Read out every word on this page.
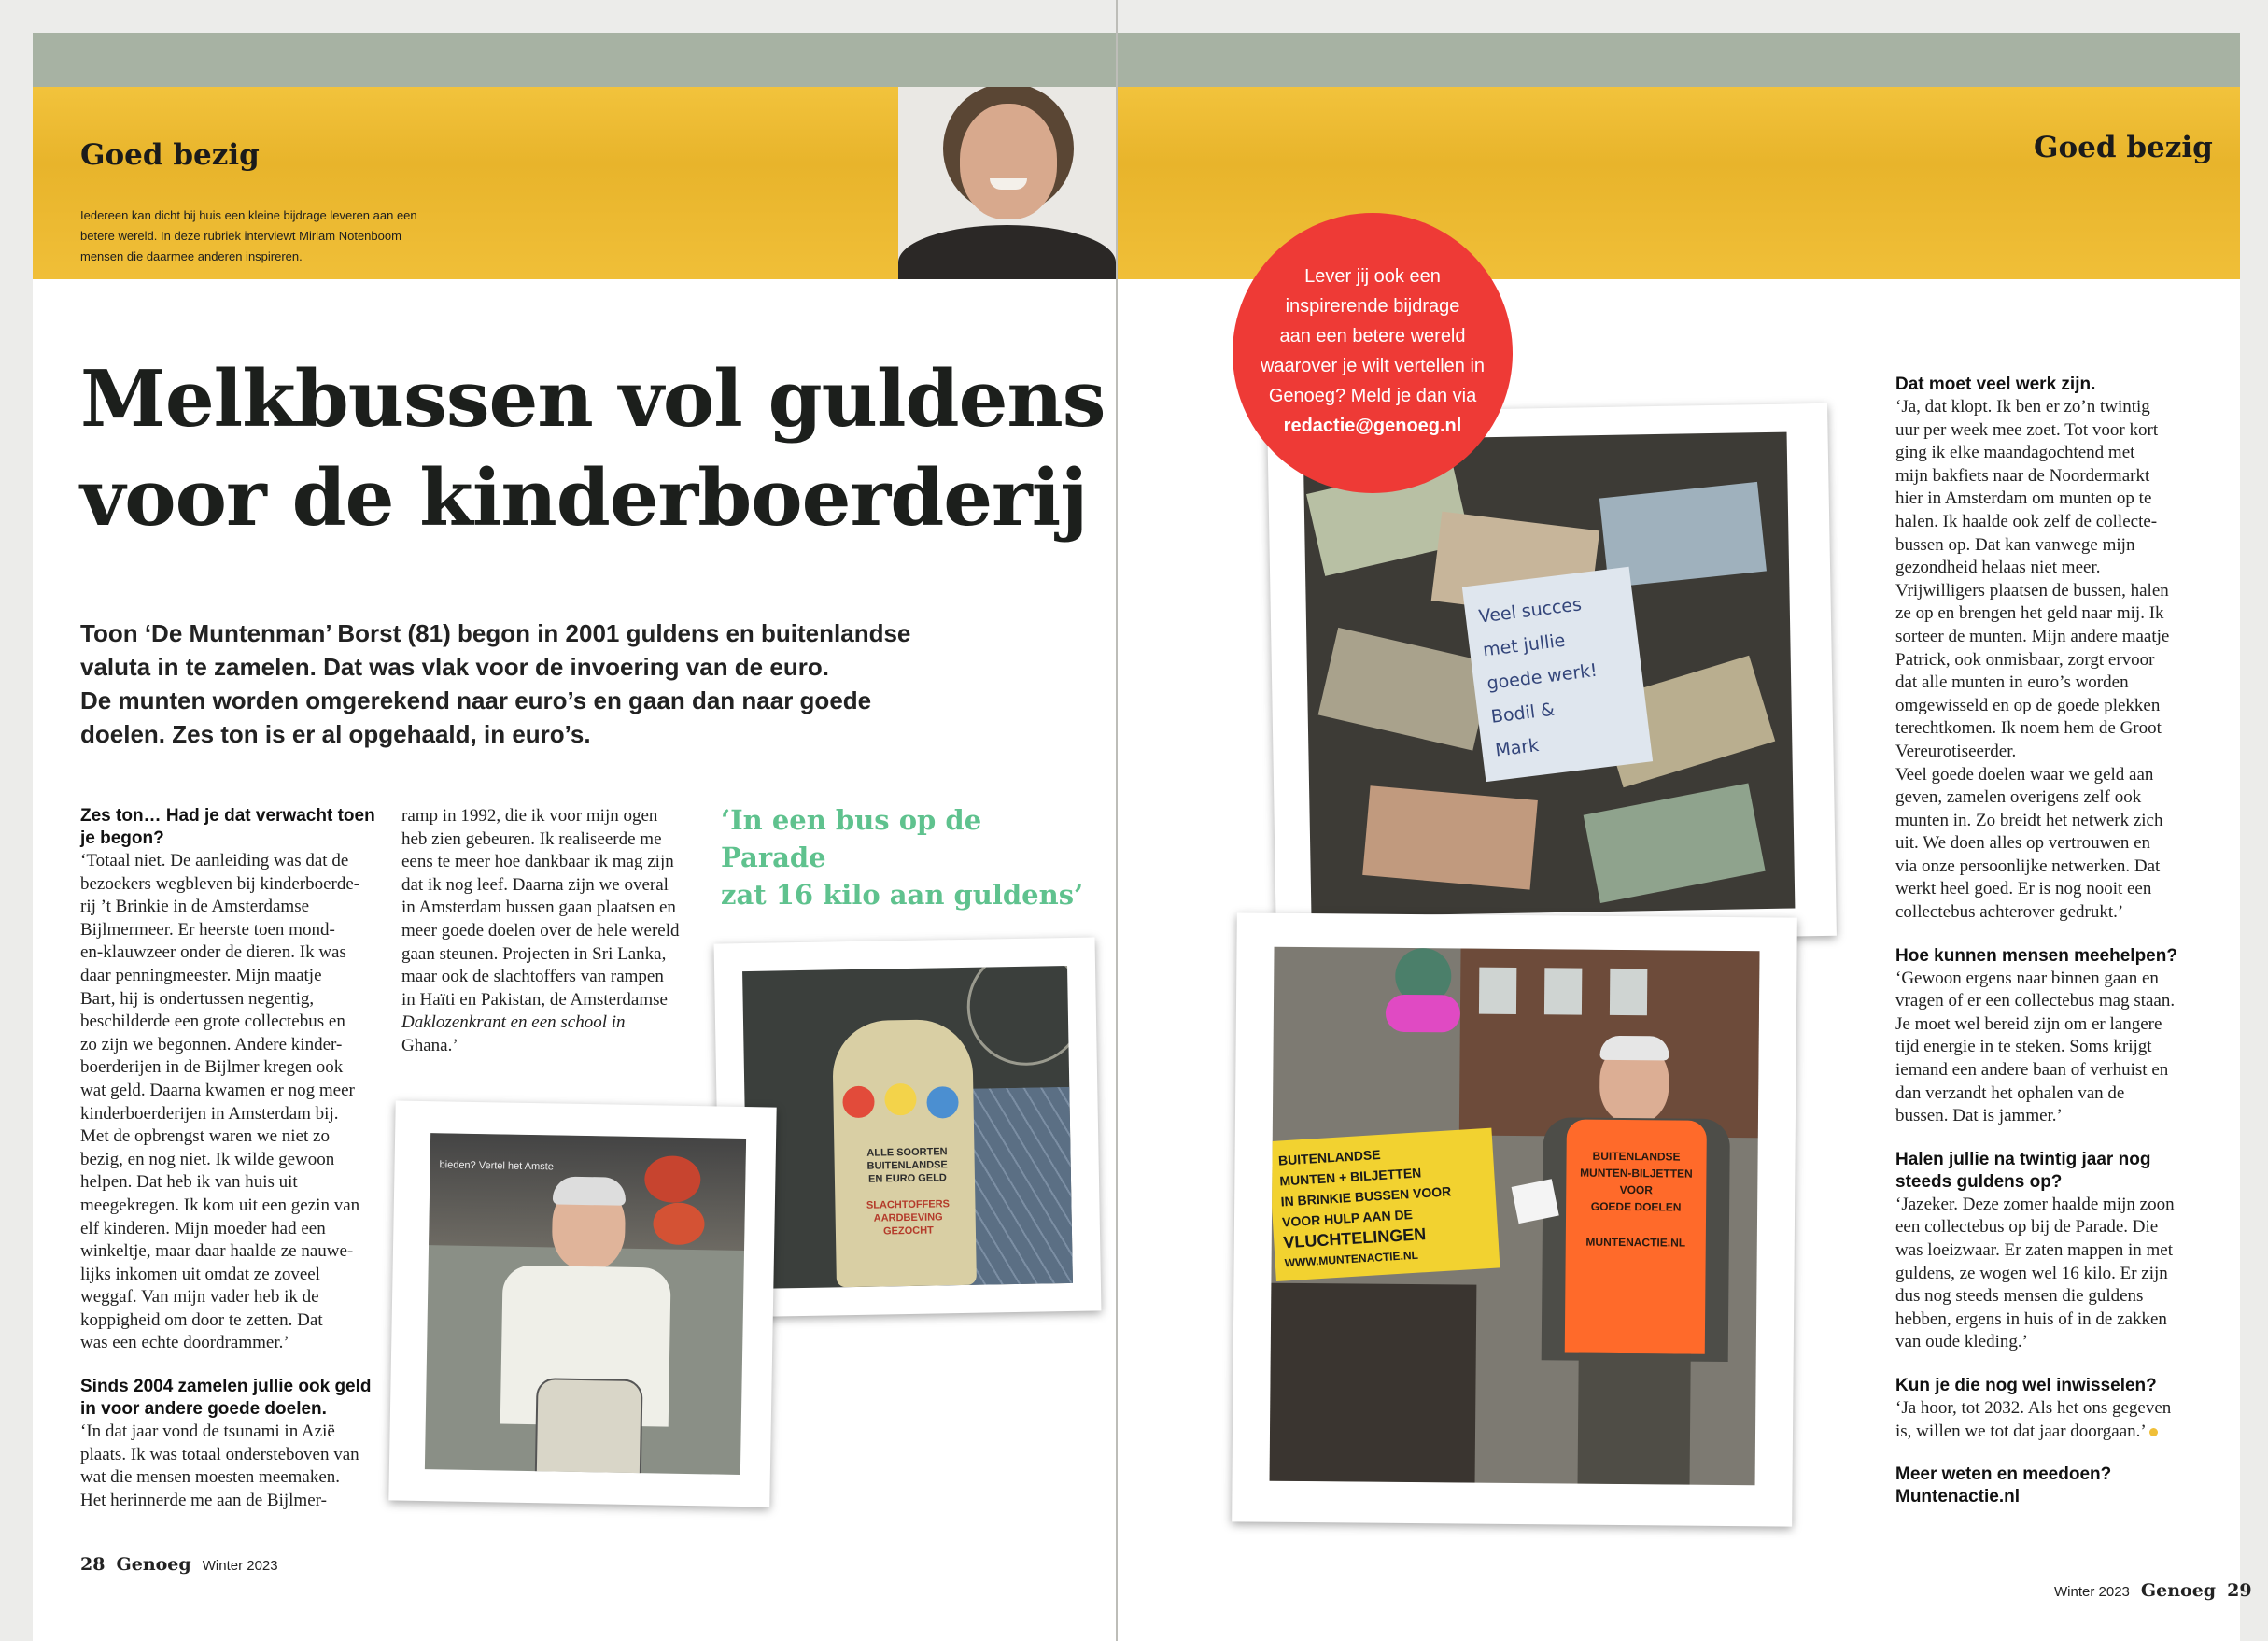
Goed bezig
Iedereen kan dicht bij huis een kleine bijdrage leveren aan een
betere wereld. In deze rubriek interviewt Miriam Notenboom
mensen die daarmee anderen inspireren.
Melkbussen vol guldens
voor de kinderboerderij
Toon ‘De Muntenman’ Borst (81) begon in 2001 guldens en buitenlandse
valuta in te zamelen. Dat was vlak voor de invoering van de euro.
De munten worden omgerekend naar euro’s en gaan dan naar goede
doelen. Zes ton is er al opgehaald, in euro’s.
Zes ton… Had je dat verwacht toen
je begon?
‘Totaal niet. De aanleiding was dat de
bezoekers wegbleven bij kinderboerde-
rij ’t Brinkie in de Amsterdamse
Bijlmermeer. Er heerste toen mond-
en-klauwzeer onder de dieren. Ik was
daar penningmeester. Mijn maatje
Bart, hij is ondertussen negentig,
beschilderde een grote collectebus en
zo zijn we begonnen. Andere kinder-
boerderijen in de Bijlmer kregen ook
wat geld. Daarna kwamen er nog meer
kinderboerderijen in Amsterdam bij.
Met de opbrengst waren we niet zo
bezig, en nog niet. Ik wilde gewoon
helpen. Dat heb ik van huis uit
meegekregen. Ik kom uit een gezin van
elf kinderen. Mijn moeder had een
winkeltje, maar daar haalde ze nauwe-
lijks inkomen uit omdat ze zoveel
weggaf. Van mijn vader heb ik de
koppigheid om door te zetten. Dat
was een echte doordrammer.’
Sinds 2004 zamelen jullie ook geld
in voor andere goede doelen.
‘In dat jaar vond de tsunami in Azië
plaats. Ik was totaal ondersteboven van
wat die mensen moesten meemaken.
Het herinnerde me aan de Bijlmer-
ramp in 1992, die ik voor mijn ogen
heb zien gebeuren. Ik realiseerde me
eens te meer hoe dankbaar ik mag zijn
dat ik nog leef. Daarna zijn we overal
in Amsterdam bussen gaan plaatsen en
meer goede doelen over de hele wereld
gaan steunen. Projecten in Sri Lanka,
maar ook de slachtoffers van rampen
in Haïti en Pakistan, de Amsterdamse
Daklozenkrant en een school in
Ghana.’
‘In een bus op de Parade
zat 16 kilo aan guldens’
ALLE SOORTEN
BUITENLANDSE
EN EURO GELD
SLACHTOFFERS
AARDBEVING
GEZOCHT
bieden? Vertel het Amste
28 Genoeg Winter 2023
Goed bezig
Veel succes
met jullie
goede werk!
Bodil &
Mark
Lever jij ook een
inspirerende bijdrage
aan een betere wereld
waarover je wilt vertellen in
Genoeg? Meld je dan via
redactie@genoeg.nl
BUITENLANDSE
MUNTEN + BILJETTEN
IN BRINKIE BUSSEN VOOR
VOOR HULP AAN DE
VLUCHTELINGEN
WWW.MUNTENACTIE.NL
BUITENLANDSE
MUNTEN-BILJETTEN
VOOR
GOEDE DOELEN
MUNTENACTIE.NL
Dat moet veel werk zijn.
‘Ja, dat klopt. Ik ben er zo’n twintig
uur per week mee zoet. Tot voor kort
ging ik elke maandagochtend met
mijn bakfiets naar de Noordermarkt
hier in Amsterdam om munten op te
halen. Ik haalde ook zelf de collecte-
bussen op. Dat kan vanwege mijn
gezondheid helaas niet meer.
Vrijwilligers plaatsen de bussen, halen
ze op en brengen het geld naar mij. Ik
sorteer de munten. Mijn andere maatje
Patrick, ook onmisbaar, zorgt ervoor
dat alle munten in euro’s worden
omgewisseld en op de goede plekken
terechtkomen. Ik noem hem de Groot
Vereurotiseerder.
Veel goede doelen waar we geld aan
geven, zamelen overigens zelf ook
munten in. Zo breidt het netwerk zich
uit. We doen alles op vertrouwen en
via onze persoonlijke netwerken. Dat
werkt heel goed. Er is nog nooit een
collectebus achterover gedrukt.’
Hoe kunnen mensen meehelpen?
‘Gewoon ergens naar binnen gaan en
vragen of er een collectebus mag staan.
Je moet wel bereid zijn om er langere
tijd energie in te steken. Soms krijgt
iemand een andere baan of verhuist en
dan verzandt het ophalen van de
bussen. Dat is jammer.’
Halen jullie na twintig jaar nog
steeds guldens op?
‘Jazeker. Deze zomer haalde mijn zoon
een collectebus op bij de Parade. Die
was loeizwaar. Er zaten mappen in met
guldens, ze wogen wel 16 kilo. Er zijn
dus nog steeds mensen die guldens
hebben, ergens in huis of in de zakken
van oude kleding.’
Kun je die nog wel inwisselen?
‘Ja hoor, tot 2032. Als het ons gegeven
is, willen we tot dat jaar doorgaan.’
Meer weten en meedoen?
Muntenactie.nl
Winter 2023 Genoeg 29
